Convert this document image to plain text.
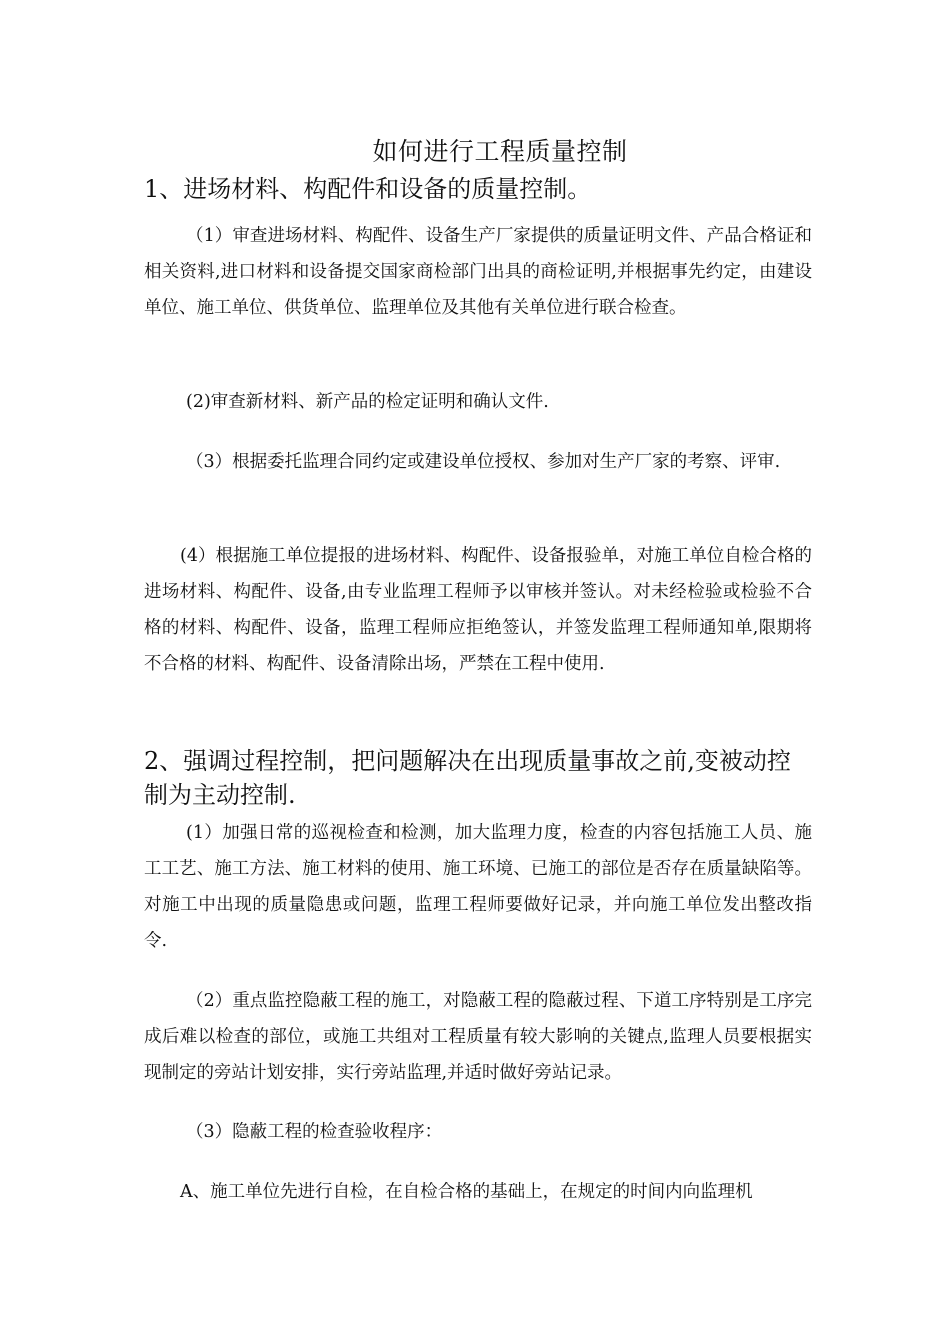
如何进行工程质量控制
1、进场材料、构配件和设备的质量控制。

（1）审查进场材料、构配件、设备生产厂家提供的质量证明文件、产品合格证和相关资料,进口材料和设备提交国家商检部门出具的商检证明,并根据事先约定，由建设单位、施工单位、供货单位、监理单位及其他有关单位进行联合检查。

(2)审查新材料、新产品的检定证明和确认文件.

（3）根据委托监理合同约定或建设单位授权、参加对生产厂家的考察、评审.

(4）根据施工单位提报的进场材料、构配件、设备报验单，对施工单位自检合格的进场材料、构配件、设备,由专业监理工程师予以审核并签认。对未经检验或检验不合格的材料、构配件、设备，监理工程师应拒绝签认，并签发监理工程师通知单,限期将不合格的材料、构配件、设备清除出场，严禁在工程中使用.

2、强调过程控制，把问题解决在出现质量事故之前,变被动控制为主动控制.

(1）加强日常的巡视检查和检测，加大监理力度，检查的内容包括施工人员、施工工艺、施工方法、施工材料的使用、施工环境、已施工的部位是否存在质量缺陷等。对施工中出现的质量隐患或问题，监理工程师要做好记录，并向施工单位发出整改指令.

（2）重点监控隐蔽工程的施工，对隐蔽工程的隐蔽过程、下道工序特别是工序完成后难以检查的部位，或施工共组对工程质量有较大影响的关键点,监理人员要根据实现制定的旁站计划安排，实行旁站监理,并适时做好旁站记录。

（3）隐蔽工程的检查验收程序：

A、施工单位先进行自检，在自检合格的基础上，在规定的时间内向监理机
